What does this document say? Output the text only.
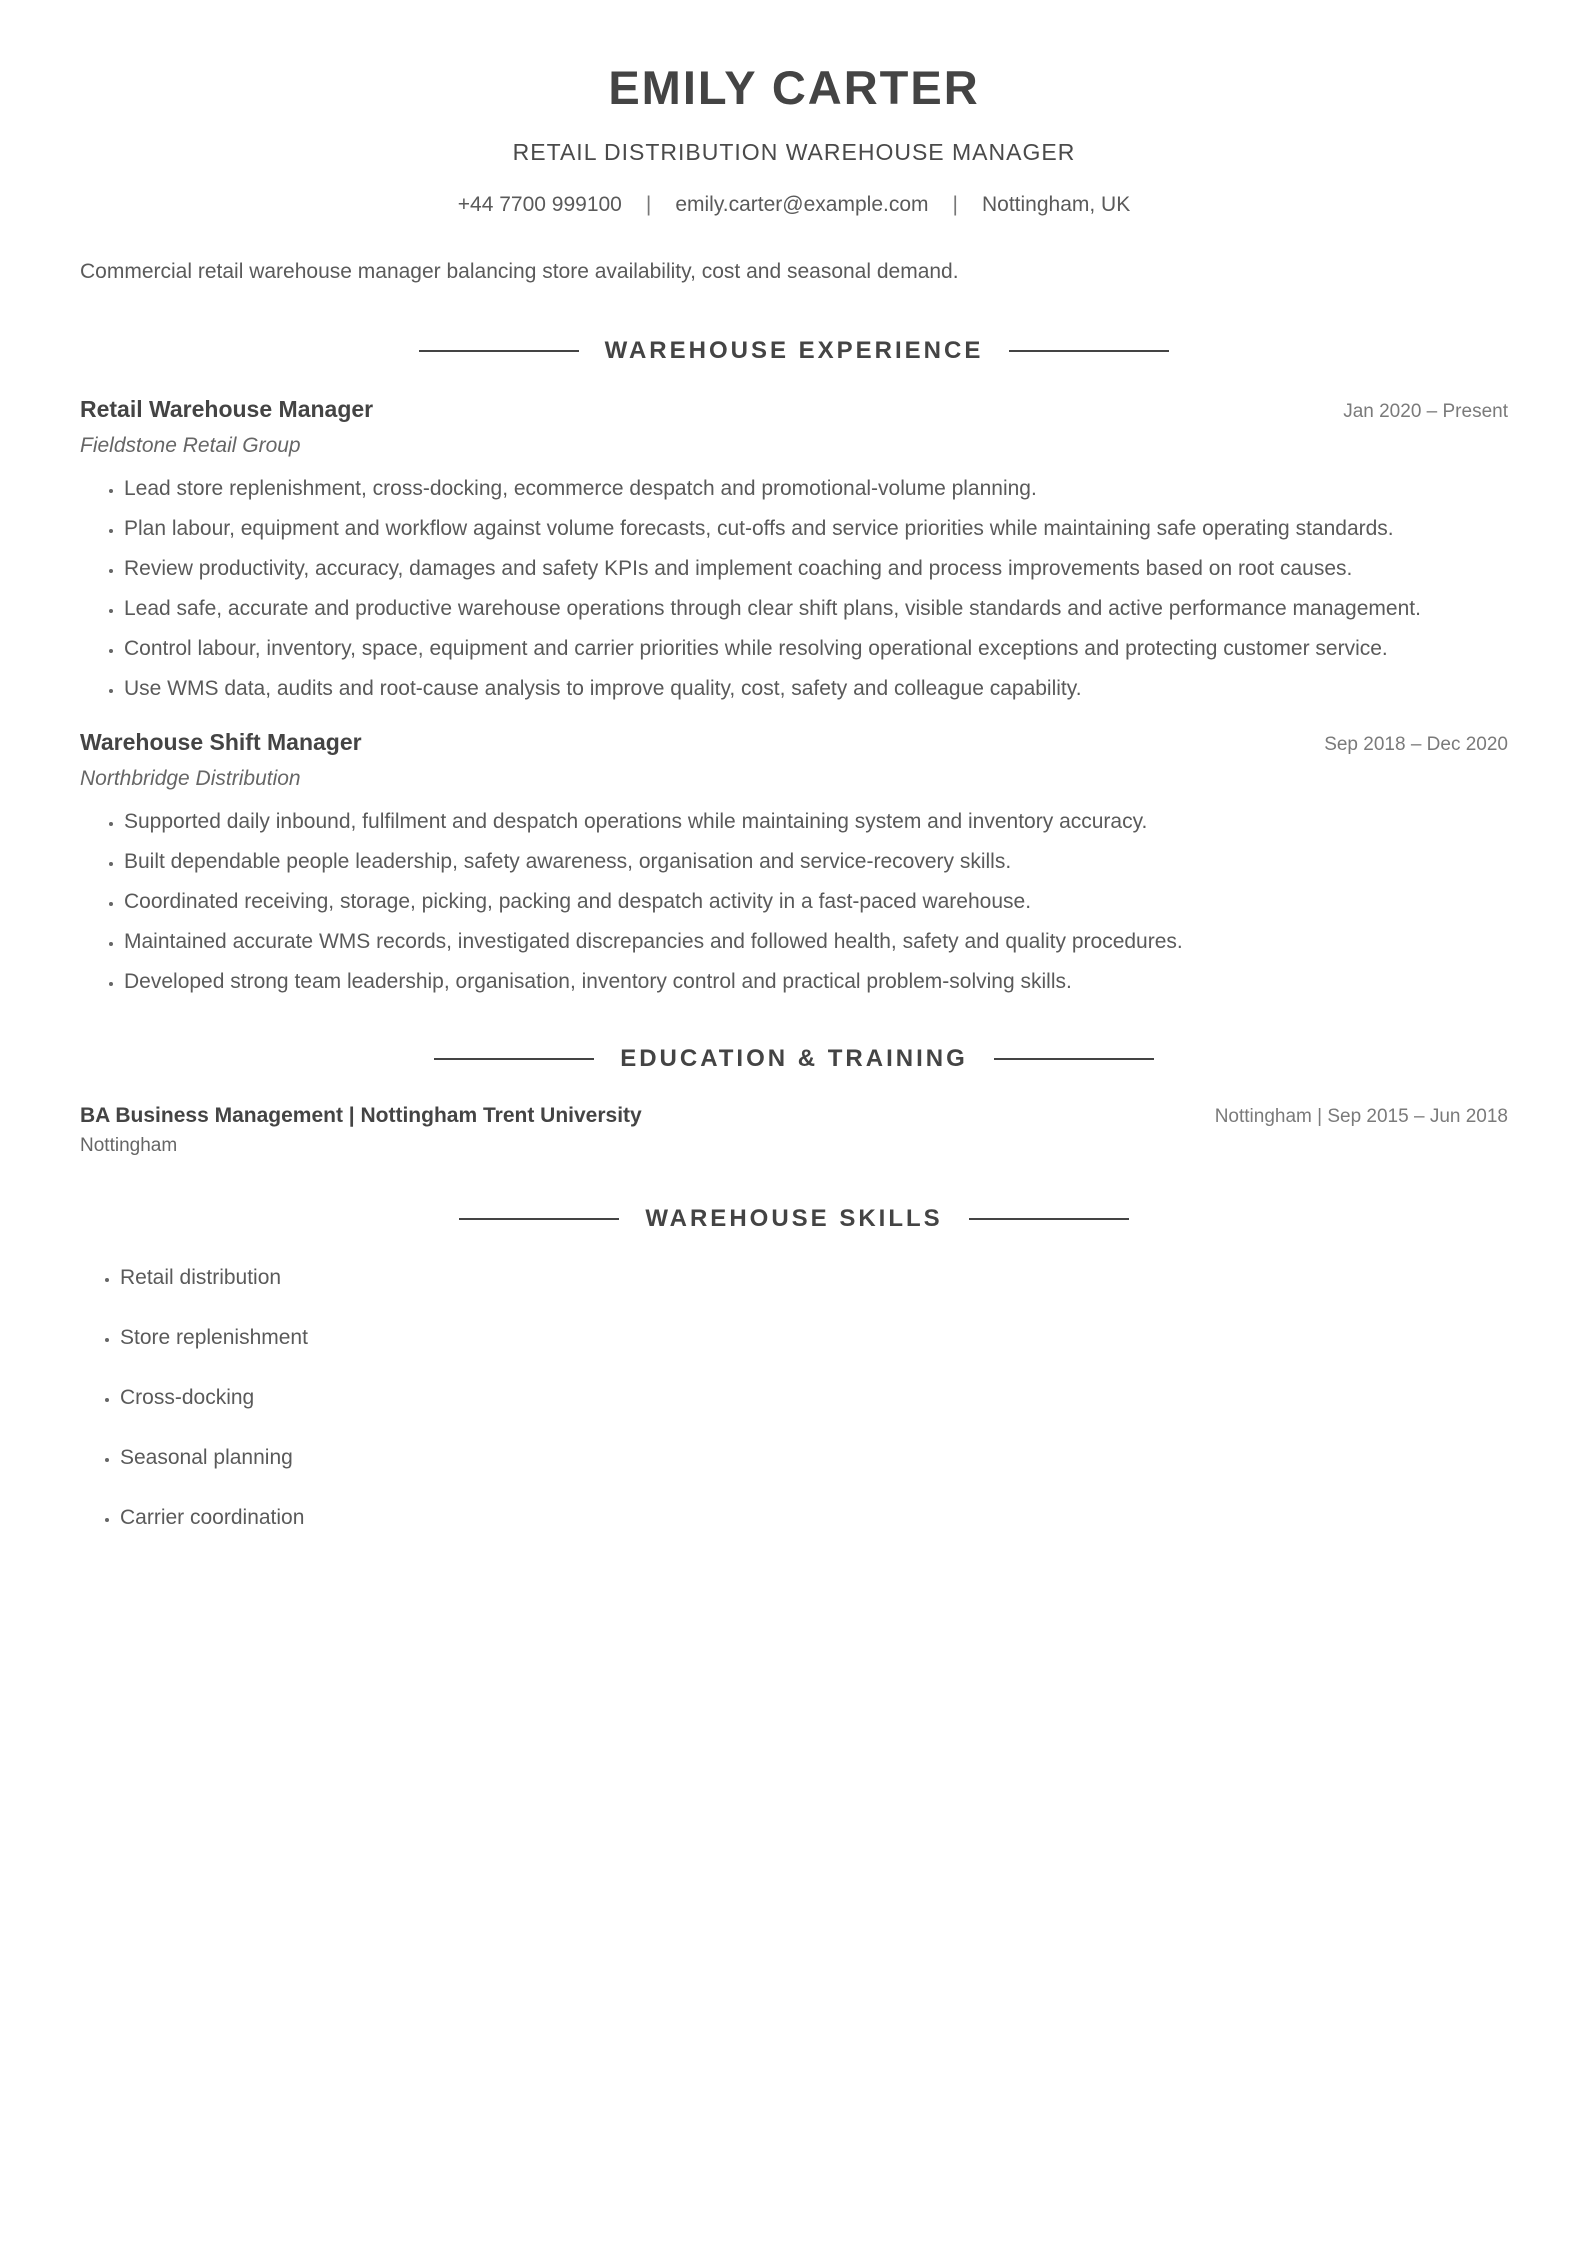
EMILY CARTER
RETAIL DISTRIBUTION WAREHOUSE MANAGER
+44 7700 999100 | emily.carter@example.com | Nottingham, UK
Commercial retail warehouse manager balancing store availability, cost and seasonal demand.
WAREHOUSE EXPERIENCE
Retail Warehouse Manager	Jan 2020 – Present
Fieldstone Retail Group
• Lead store replenishment, cross-docking, ecommerce despatch and promotional-volume planning.
• Plan labour, equipment and workflow against volume forecasts, cut-offs and service priorities while maintaining safe operating standards.
• Review productivity, accuracy, damages and safety KPIs and implement coaching and process improvements based on root causes.
• Lead safe, accurate and productive warehouse operations through clear shift plans, visible standards and active performance management.
• Control labour, inventory, space, equipment and carrier priorities while resolving operational exceptions and protecting customer service.
• Use WMS data, audits and root-cause analysis to improve quality, cost, safety and colleague capability.
Warehouse Shift Manager	Sep 2018 – Dec 2020
Northbridge Distribution
• Supported daily inbound, fulfilment and despatch operations while maintaining system and inventory accuracy.
• Built dependable people leadership, safety awareness, organisation and service-recovery skills.
• Coordinated receiving, storage, picking, packing and despatch activity in a fast-paced warehouse.
• Maintained accurate WMS records, investigated discrepancies and followed health, safety and quality procedures.
• Developed strong team leadership, organisation, inventory control and practical problem-solving skills.
EDUCATION & TRAINING
BA Business Management | Nottingham Trent University	Nottingham | Sep 2015 – Jun 2018
Nottingham
WAREHOUSE SKILLS
• Retail distribution
• Store replenishment
• Cross-docking
• Seasonal planning
• Carrier coordination
